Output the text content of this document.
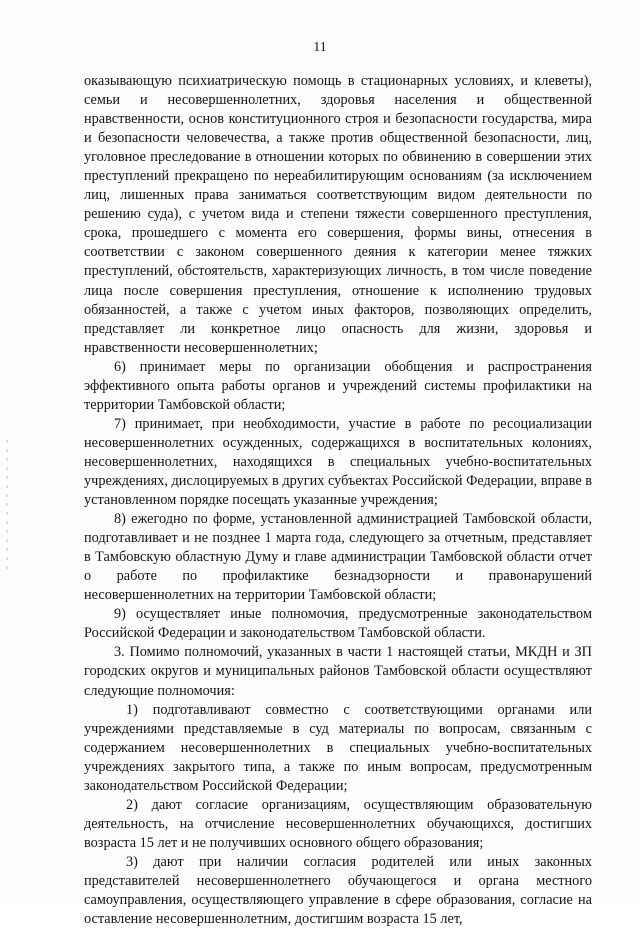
11

оказывающую психиатрическую помощь в стационарных условиях, и клеветы), семьи и несовершеннолетних, здоровья населения и общественной нравственности, основ конституционного строя и безопасности государства, мира и безопасности человечества, а также против общественной безопасности, лиц, уголовное преследование в отношении которых по обвинению в совершении этих преступлений прекращено по нереабилитирующим основаниям (за исключением лиц, лишенных права заниматься соответствующим видом деятельности по решению суда), с учетом вида и степени тяжести совершенного преступления, срока, прошедшего с момента его совершения, формы вины, отнесения в соответствии с законом совершенного деяния к категории менее тяжких преступлений, обстоятельств, характеризующих личность, в том числе поведение лица после совершения преступления, отношение к исполнению трудовых обязанностей, а также с учетом иных факторов, позволяющих определить, представляет ли конкретное лицо опасность для жизни, здоровья и нравственности несовершеннолетних;

6) принимает меры по организации обобщения и распространения эффективного опыта работы органов и учреждений системы профилактики на территории Тамбовской области;

7) принимает, при необходимости, участие в работе по ресоциализации несовершеннолетних осужденных, содержащихся в воспитательных колониях, несовершеннолетних, находящихся в специальных учебно-воспитательных учреждениях, дислоцируемых в других субъектах Российской Федерации, вправе в установленном порядке посещать указанные учреждения;

8) ежегодно по форме, установленной администрацией Тамбовской области, подготавливает и не позднее 1 марта года, следующего за отчетным, представляет в Тамбовскую областную Думу и главе администрации Тамбовской области отчет о работе по профилактике безнадзорности и правонарушений несовершеннолетних на территории Тамбовской области;

9) осуществляет иные полномочия, предусмотренные законодательством Российской Федерации и законодательством Тамбовской области.

3. Помимо полномочий, указанных в части 1 настоящей статьи, МКДН и ЗП городских округов и муниципальных районов Тамбовской области осуществляют следующие полномочия:

1) подготавливают совместно с соответствующими органами или учреждениями представляемые в суд материалы по вопросам, связанным с содержанием несовершеннолетних в специальных учебно-воспитательных учреждениях закрытого типа, а также по иным вопросам, предусмотренным законодательством Российской Федерации;

2) дают согласие организациям, осуществляющим образовательную деятельность, на отчисление несовершеннолетних обучающихся, достигших возраста 15 лет и не получивших основного общего образования;

3) дают при наличии согласия родителей или иных законных представителей несовершеннолетнего обучающегося и органа местного самоуправления, осуществляющего управление в сфере образования, согласие на оставление несовершеннолетним, достигшим возраста 15 лет,
